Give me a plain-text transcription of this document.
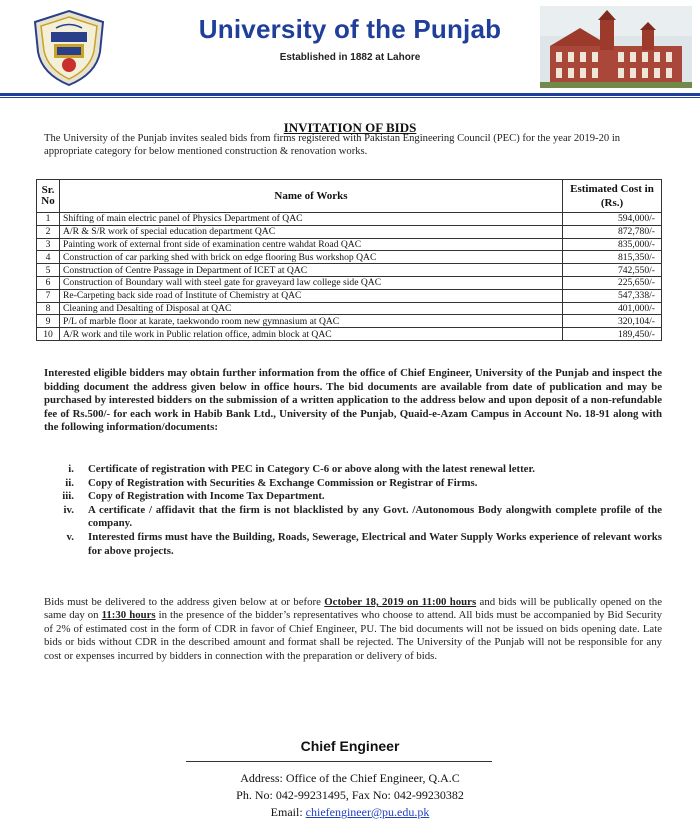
University of the Punjab
Established in 1882 at Lahore
INVITATION OF BIDS
The University of the Punjab invites sealed bids from firms registered with Pakistan Engineering Council (PEC) for the year 2019-20 in appropriate category for below mentioned construction & renovation works.
Sr. No	Name of Works	Estimated Cost in (Rs.)
1	Shifting of main electric panel of Physics Department of QAC	594,000/-
2	A/R & S/R work of special education department QAC	872,780/-
3	Painting work of external front side of examination centre wahdat Road QAC	835,000/-
4	Construction of car parking shed with brick on edge flooring Bus workshop QAC	815,350/-
5	Construction of Centre Passage in Department of ICET at QAC	742,550/-
6	Construction of Boundary wall with steel gate for graveyard law college side QAC	225,650/-
7	Re-Carpeting back side road of Institute of Chemistry at QAC	547,338/-
8	Cleaning and Desalting of Disposal at QAC	401,000/-
9	P/L of marble floor at karate, taekwondo room new gymnasium at QAC	320,104/-
10	A/R work and tile work in Public relation office, admin block at QAC	189,450/-
Interested eligible bidders may obtain further information from the office of Chief Engineer, University of the Punjab and inspect the bidding document the address given below in office hours. The bid documents are available from date of publication and may be purchased by interested bidders on the submission of a written application to the address below and upon deposit of a non-refundable fee of Rs.500/- for each work in Habib Bank Ltd., University of the Punjab, Quaid-e-Azam Campus in Account No. 18-91 along with the following information/documents:
i.	Certificate of registration with PEC in Category C-6 or above along with the latest renewal letter.
ii.	Copy of Registration with Securities & Exchange Commission or Registrar of Firms.
iii.	Copy of Registration with Income Tax Department.
iv.	A certificate / affidavit that the firm is not blacklisted by any Govt. /Autonomous Body alongwith complete profile of the company.
v.	Interested firms must have the Building, Roads, Sewerage, Electrical and Water Supply Works experience of relevant works for above projects.
Bids must be delivered to the address given below at or before October 18, 2019 on 11:00 hours and bids will be publically opened on the same day on 11:30 hours in the presence of the bidder’s representatives who choose to attend. All bids must be accompanied by Bid Security of 2% of estimated cost in the form of CDR in favor of Chief Engineer, PU. The bid documents will not be issued on bids opening date. Late bids or bids without CDR in the described amount and format shall be rejected. The University of the Punjab will not be responsible for any cost or expenses incurred by bidders in connection with the preparation or delivery of bids.
Chief Engineer
Address: Office of the Chief Engineer, Q.A.C
Ph. No: 042-99231495, Fax No: 042-99230382
Email: chiefengineer@pu.edu.pk
